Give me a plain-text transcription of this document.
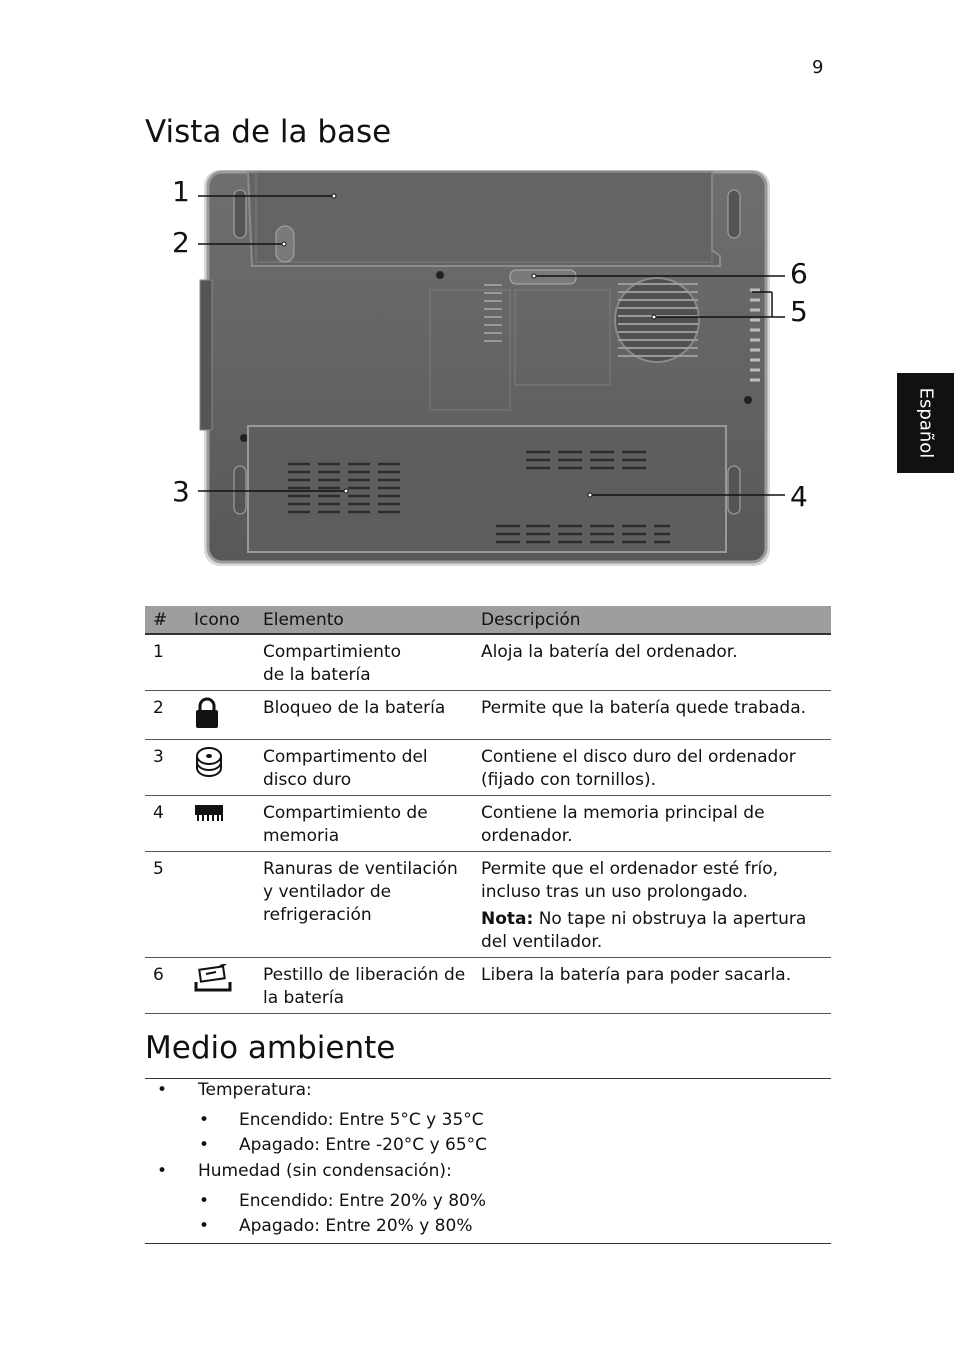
9
Español
Vista de la base
1
2
3	4
5
6
#	Icono	Elemento	Descripción
1		Compartimiento de la batería	Aloja la batería del ordenador.
2		Bloqueo de la batería	Permite que la batería quede trabada.
3		Compartimento del disco duro	Contiene el disco duro del ordenador (fijado con tornillos).
4		Compartimiento de memoria	Contiene la memoria principal de ordenador.
5		Ranuras de ventilación y ventilador de refrigeración	Permite que el ordenador esté frío, incluso tras un uso prolongado.

Nota: No tape ni obstruya la apertura del ventilador.

6		Pestillo de liberación de la batería	Libera la batería para poder sacarla.
Medio ambiente
• Temperatura:
• Encendido: Entre 5°C y 35°C
• Apagado: Entre -20°C y 65°C
• Humedad (sin condensación):
• Encendido: Entre 20% y 80%
• Apagado: Entre 20% y 80%
